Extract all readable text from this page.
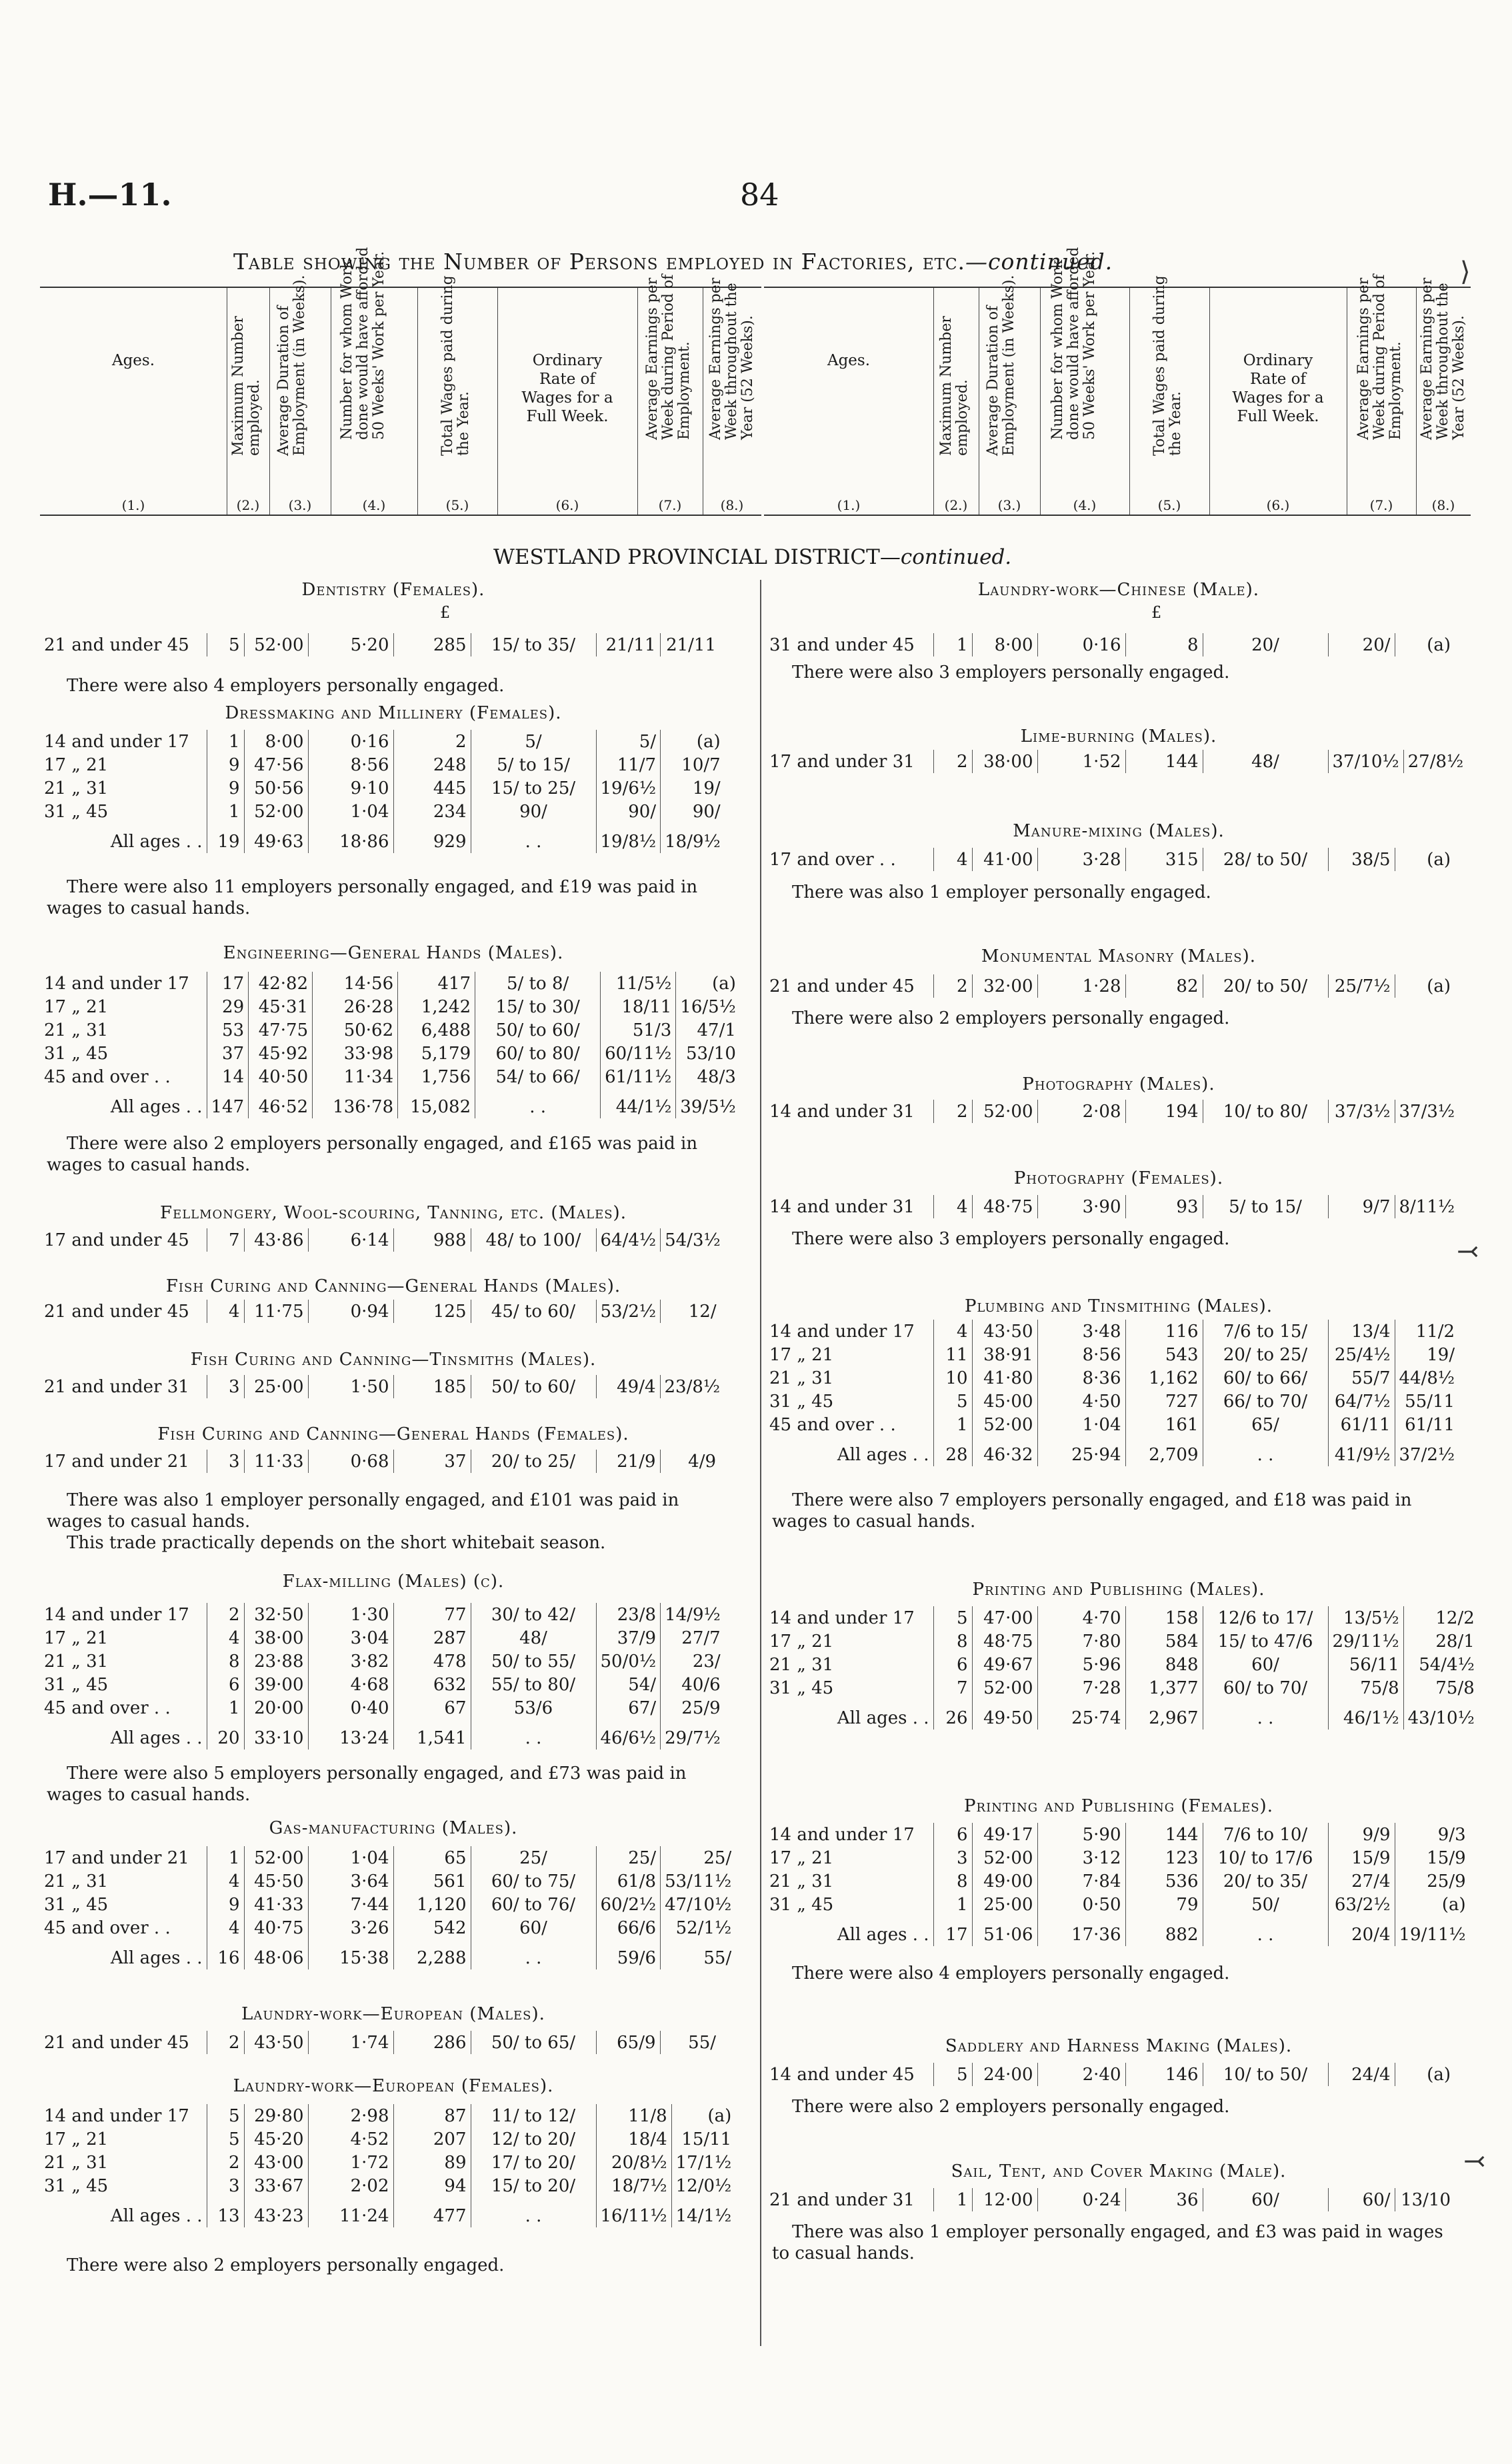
H.—11.	84
Table showing the Number of Persons employed in Factories, etc.—continued.
Ages.
(1.)
Maximum Number employed.
(2.)
Average Duration of Employment (in Weeks).
(3.)
Number for whom Work done would have afforded 50 Weeks' Work per Year.
(4.)
Total Wages paid during the Year.
(5.)
Ordinary Rate of Wages for a Full Week.
(6.)
Average Earnings per Week during Period of Employment.
(7.)
Average Earnings per Week throughout the Year (52 Weeks).
(8.)
Ages.
(1.)
Maximum Number employed.
(2.)
Average Duration of Employment (in Weeks).
(3.)
Number for whom Work done would have afforded 50 Weeks' Work per Year.
(4.)
Total Wages paid during the Year.
(5.)
Ordinary Rate of Wages for a Full Week.
(6.)
Average Earnings per Week during Period of Employment.
(7.)
Average Earnings per Week throughout the Year (52 Weeks).
(8.)
WESTLAND PROVINCIAL DISTRICT—continued.
£	£
⟩
⤙
⤙
Dentistry (Females).
21 and under 45	5	52·00	5·20	285	15/ to 35/	21/11	21/11
There were also 4 employers personally engaged.
Dressmaking and Millinery (Females).
14 and under 17	1	8·00	0·16	2	5/	5/	(a)
17 „ 21	9	47·56	8·56	248	5/ to 15/	11/7	10/7
21 „ 31	9	50·56	9·10	445	15/ to 25/	19/6½	19/
31 „ 45	1	52·00	1·04	234	90/	90/	90/
All ages . .	19	49·63	18·86	929	. .	19/8½	18/9½
There were also 11 employers personally engaged, and £19 was paid in wages to casual hands.
Engineering—General Hands (Males).
14 and under 17	17	42·82	14·56	417	5/ to 8/	11/5½	(a)
17 „ 21	29	45·31	26·28	1,242	15/ to 30/	18/11	16/5½
21 „ 31	53	47·75	50·62	6,488	50/ to 60/	51/3	47/1
31 „ 45	37	45·92	33·98	5,179	60/ to 80/	60/11½	53/10
45 and over . .	14	40·50	11·34	1,756	54/ to 66/	61/11½	48/3
All ages . .	147	46·52	136·78	15,082	. .	44/1½	39/5½
There were also 2 employers personally engaged, and £165 was paid in wages to casual hands.
Fellmongery, Wool-scouring, Tanning, etc. (Males).
17 and under 45	7	43·86	6·14	988	48/ to 100/	64/4½	54/3½
Fish Curing and Canning—General Hands (Males).
21 and under 45	4	11·75	0·94	125	45/ to 60/	53/2½	12/
Fish Curing and Canning—Tinsmiths (Males).
21 and under 31	3	25·00	1·50	185	50/ to 60/	49/4	23/8½
Fish Curing and Canning—General Hands (Females).
17 and under 21	3	11·33	0·68	37	20/ to 25/	21/9	4/9
There was also 1 employer personally engaged, and £101 was paid in wages to casual hands.
This trade practically depends on the short whitebait season.
Flax-milling (Males) (c).
14 and under 17	2	32·50	1·30	77	30/ to 42/	23/8	14/9½
17 „ 21	4	38·00	3·04	287	48/	37/9	27/7
21 „ 31	8	23·88	3·82	478	50/ to 55/	50/0½	23/
31 „ 45	6	39·00	4·68	632	55/ to 80/	54/	40/6
45 and over . .	1	20·00	0·40	67	53/6	67/	25/9
All ages . .	20	33·10	13·24	1,541	. .	46/6½	29/7½
There were also 5 employers personally engaged, and £73 was paid in wages to casual hands.
Gas-manufacturing (Males).
17 and under 21	1	52·00	1·04	65	25/	25/	25/
21 „ 31	4	45·50	3·64	561	60/ to 75/	61/8	53/11½
31 „ 45	9	41·33	7·44	1,120	60/ to 76/	60/2½	47/10½
45 and over . .	4	40·75	3·26	542	60/	66/6	52/1½
All ages . .	16	48·06	15·38	2,288	. .	59/6	55/
Laundry-work—European (Males).
21 and under 45	2	43·50	1·74	286	50/ to 65/	65/9	55/
Laundry-work—European (Females).
14 and under 17	5	29·80	2·98	87	11/ to 12/	11/8	(a)
17 „ 21	5	45·20	4·52	207	12/ to 20/	18/4	15/11
21 „ 31	2	43·00	1·72	89	17/ to 20/	20/8½	17/1½
31 „ 45	3	33·67	2·02	94	15/ to 20/	18/7½	12/0½
All ages . .	13	43·23	11·24	477	. .	16/11½	14/1½
There were also 2 employers personally engaged.
Laundry-work—Chinese (Male).
31 and under 45	1	8·00	0·16	8	20/	20/	(a)
There were also 3 employers personally engaged.
Lime-burning (Males).
17 and under 31	2	38·00	1·52	144	48/	37/10½	27/8½
Manure-mixing (Males).
17 and over . .	4	41·00	3·28	315	28/ to 50/	38/5	(a)
There was also 1 employer personally engaged.
Monumental Masonry (Males).
21 and under 45	2	32·00	1·28	82	20/ to 50/	25/7½	(a)
There were also 2 employers personally engaged.
Photography (Males).
14 and under 31	2	52·00	2·08	194	10/ to 80/	37/3½	37/3½
Photography (Females).
14 and under 31	4	48·75	3·90	93	5/ to 15/	9/7	8/11½
There were also 3 employers personally engaged.
Plumbing and Tinsmithing (Males).
14 and under 17	4	43·50	3·48	116	7/6 to 15/	13/4	11/2
17 „ 21	11	38·91	8·56	543	20/ to 25/	25/4½	19/
21 „ 31	10	41·80	8·36	1,162	60/ to 66/	55/7	44/8½
31 „ 45	5	45·00	4·50	727	66/ to 70/	64/7½	55/11
45 and over . .	1	52·00	1·04	161	65/	61/11	61/11
All ages . .	28	46·32	25·94	2,709	. .	41/9½	37/2½
There were also 7 employers personally engaged, and £18 was paid in wages to casual hands.
Printing and Publishing (Males).
14 and under 17	5	47·00	4·70	158	12/6 to 17/	13/5½	12/2
17 „ 21	8	48·75	7·80	584	15/ to 47/6	29/11½	28/1
21 „ 31	6	49·67	5·96	848	60/	56/11	54/4½
31 „ 45	7	52·00	7·28	1,377	60/ to 70/	75/8	75/8
All ages . .	26	49·50	25·74	2,967	. .	46/1½	43/10½
Printing and Publishing (Females).
14 and under 17	6	49·17	5·90	144	7/6 to 10/	9/9	9/3
17 „ 21	3	52·00	3·12	123	10/ to 17/6	15/9	15/9
21 „ 31	8	49·00	7·84	536	20/ to 35/	27/4	25/9
31 „ 45	1	25·00	0·50	79	50/	63/2½	(a)
All ages . .	17	51·06	17·36	882	. .	20/4	19/11½
There were also 4 employers personally engaged.
Saddlery and Harness Making (Males).
14 and under 45	5	24·00	2·40	146	10/ to 50/	24/4	(a)
There were also 2 employers personally engaged.
Sail, Tent, and Cover Making (Male).
21 and under 31	1	12·00	0·24	36	60/	60/	13/10
There was also 1 employer personally engaged, and £3 was paid in wages to casual hands.
